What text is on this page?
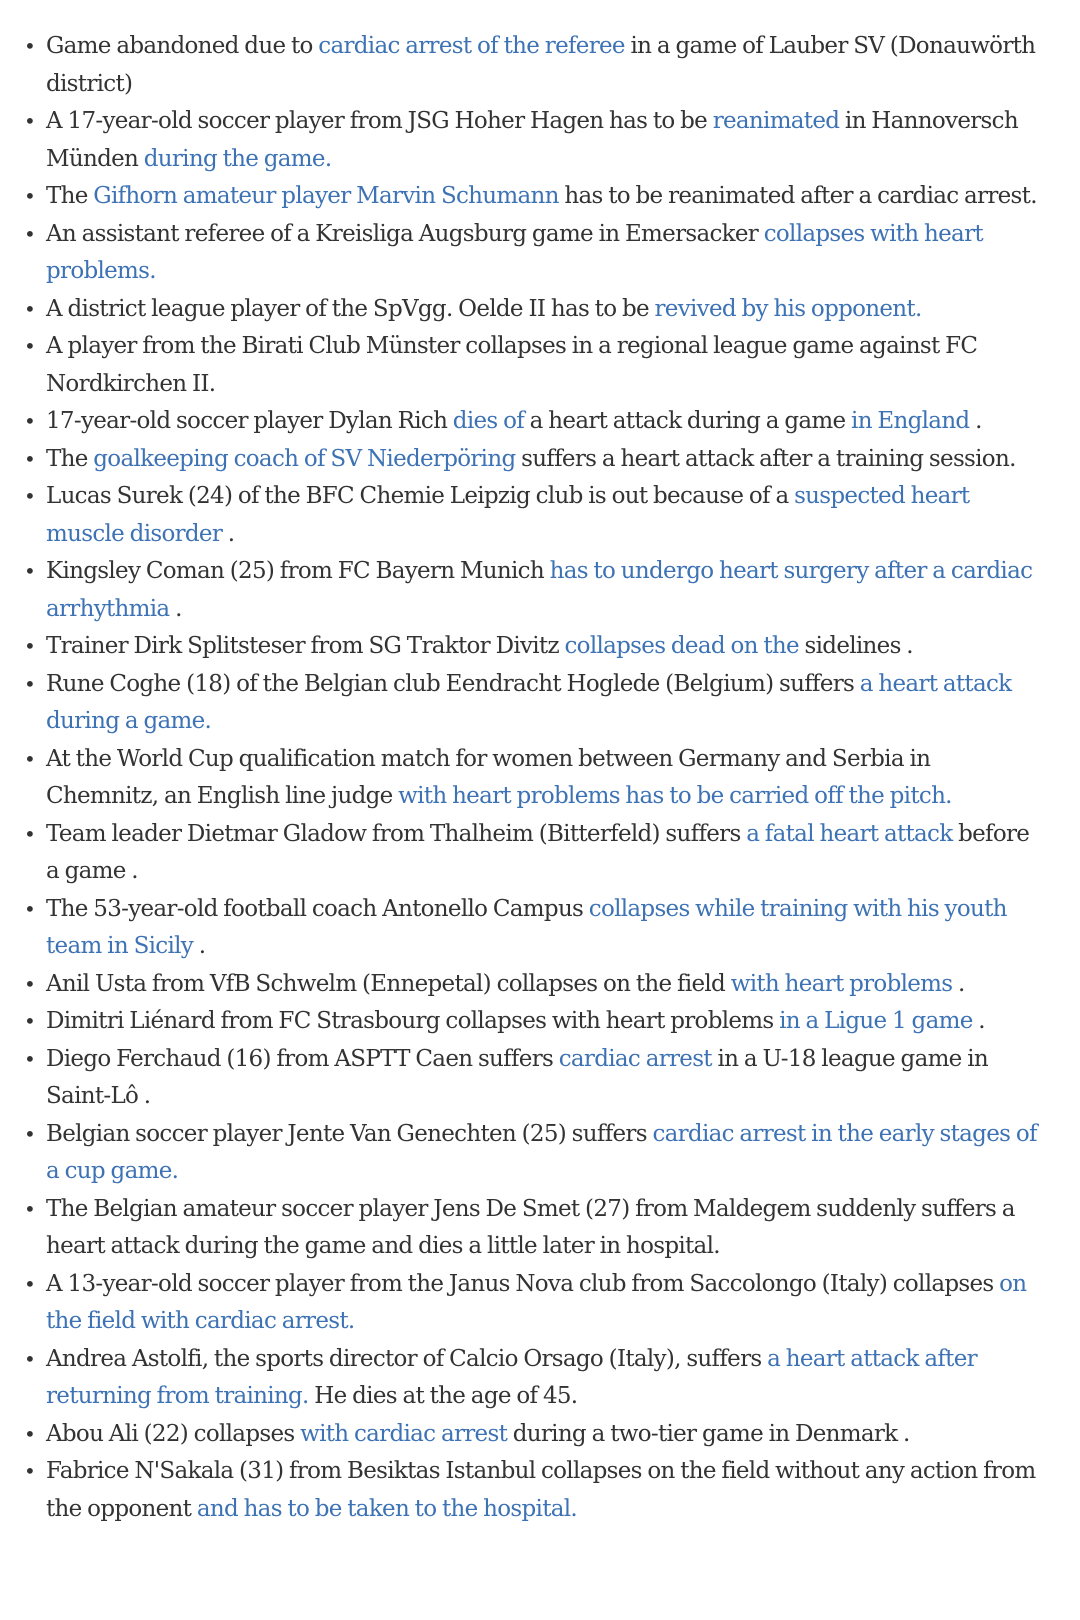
• Game abandoned due to cardiac arrest of the referee in a game of Lauber SV (Donauwörth district)
• A 17-year-old soccer player from JSG Hoher Hagen has to be reanimated in Hannoversch Münden during the game.
• The Gifhorn amateur player Marvin Schumann has to be reanimated after a cardiac arrest.
• An assistant referee of a Kreisliga Augsburg game in Emersacker collapses with heart problems.
• A district league player of the SpVgg. Oelde II has to be revived by his opponent.
• A player from the Birati Club Münster collapses in a regional league game against FC Nordkirchen II.
• 17-year-old soccer player Dylan Rich dies of a heart attack during a game in England .
• The goalkeeping coach of SV Niederpöring suffers a heart attack after a training session.
• Lucas Surek (24) of the BFC Chemie Leipzig club is out because of a suspected heart muscle disorder .
• Kingsley Coman (25) from FC Bayern Munich has to undergo heart surgery after a cardiac arrhythmia .
• Trainer Dirk Splitsteser from SG Traktor Divitz collapses dead on the sidelines .
• Rune Coghe (18) of the Belgian club Eendracht Hoglede (Belgium) suffers a heart attack during a game.
• At the World Cup qualification match for women between Germany and Serbia in Chemnitz, an English line judge with heart problems has to be carried off the pitch.
• Team leader Dietmar Gladow from Thalheim (Bitterfeld) suffers a fatal heart attack before a game .
• The 53-year-old football coach Antonello Campus collapses while training with his youth team in Sicily .
• Anil Usta from VfB Schwelm (Ennepetal) collapses on the field with heart problems .
• Dimitri Liénard from FC Strasbourg collapses with heart problems in a Ligue 1 game .
• Diego Ferchaud (16) from ASPTT Caen suffers cardiac arrest in a U-18 league game in Saint-Lô .
• Belgian soccer player Jente Van Genechten (25) suffers cardiac arrest in the early stages of a cup game.
• The Belgian amateur soccer player Jens De Smet (27) from Maldegem suddenly suffers a heart attack during the game and dies a little later in hospital.
• A 13-year-old soccer player from the Janus Nova club from Saccolongo (Italy) collapses on the field with cardiac arrest.
• Andrea Astolfi, the sports director of Calcio Orsago (Italy), suffers a heart attack after returning from training. He dies at the age of 45.
• Abou Ali (22) collapses with cardiac arrest during a two-tier game in Denmark .
• Fabrice N'Sakala (31) from Besiktas Istanbul collapses on the field without any action from the opponent and has to be taken to the hospital.
